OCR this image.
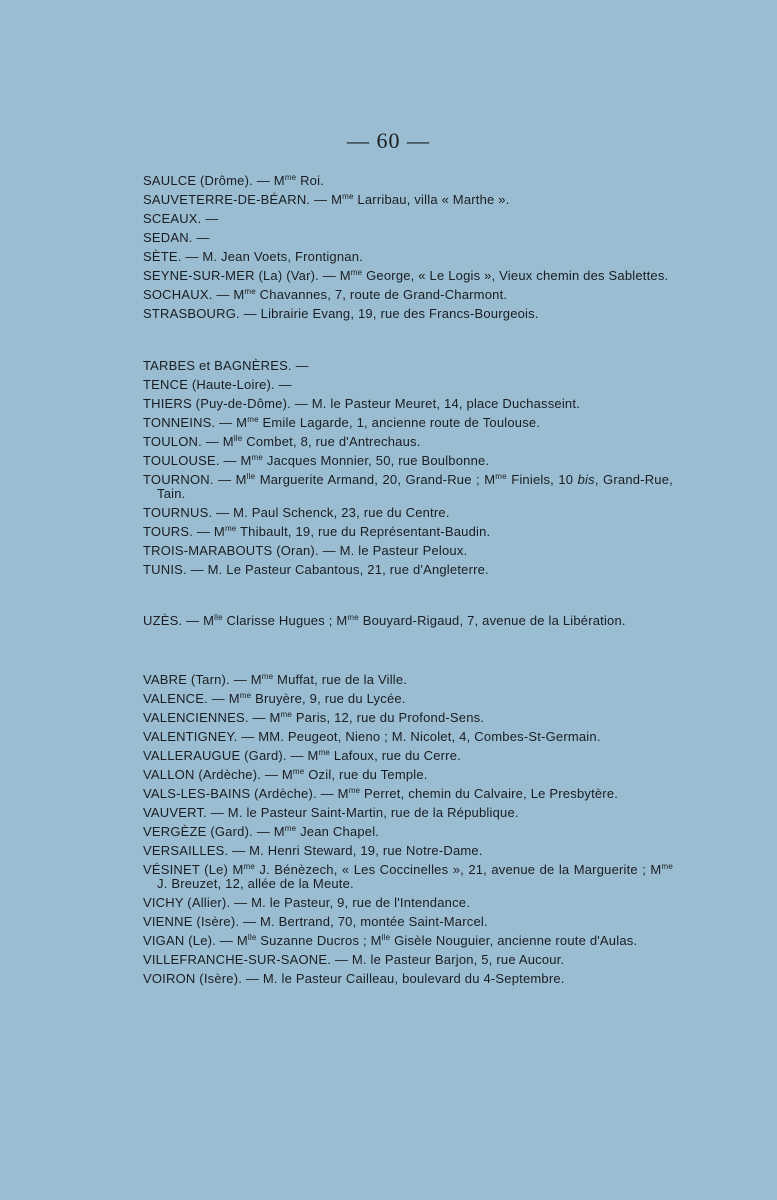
— 60 —
SAULCE (Drôme). — $M^{me}$ Roi.
SAUVETERRE-DE-BÉARN. — $M^{me}$ Larribau, villa « Marthe ».
SCEAUX. —
SEDAN. —
SÈTE. — M. Jean Voets, Frontignan.
SEYNE-SUR-MER (La) (Var). — $M^{me}$ George, « Le Logis », Vieux chemin des Sablettes.
SOCHAUX. — $M^{me}$ Chavannes, 7, route de Grand-Charmont.
STRASBOURG. — Librairie Evang, 19, rue des Francs-Bourgeois.
TARBES et BAGNÈRES. —
TENCE (Haute-Loire). —
THIERS (Puy-de-Dôme). — M. le Pasteur Meuret, 14, place Duchasseint.
TONNEINS. — $M^{me}$ Emile Lagarde, 1, ancienne route de Toulouse.
TOULON. — $M^{lle}$ Combet, 8, rue d'Antrechaus.
TOULOUSE. — $M^{me}$ Jacques Monnier, 50, rue Boulbonne.
TOURNON. — $M^{lle}$ Marguerite Armand, 20, Grand-Rue ; $M^{me}$ Finiels, 10 bis, Grand-Rue, Tain.
TOURNUS. — M. Paul Schenck, 23, rue du Centre.
TOURS. — $M^{me}$ Thibault, 19, rue du Représentant-Baudin.
TROIS-MARABOUTS (Oran). — M. le Pasteur Peloux.
TUNIS. — M. Le Pasteur Cabantous, 21, rue d'Angleterre.
UZÈS. — $M^{lle}$ Clarisse Hugues ; $M^{me}$ Bouyard-Rigaud, 7, avenue de la Libération.
VABRE (Tarn). — $M^{me}$ Muffat, rue de la Ville.
VALENCE. — $M^{me}$ Bruyère, 9, rue du Lycée.
VALENCIENNES. — $M^{me}$ Paris, 12, rue du Profond-Sens.
VALENTIGNEY. — MM. Peugeot, Nieno ; M. Nicolet, 4, Combes-St-Germain.
VALLERAUGUE (Gard). — $M^{me}$ Lafoux, rue du Cerre.
VALLON (Ardèche). — $M^{me}$ Ozil, rue du Temple.
VALS-LES-BAINS (Ardèche). — $M^{me}$ Perret, chemin du Calvaire, Le Presbytère.
VAUVERT. — M. le Pasteur Saint-Martin, rue de la République.
VERGÈZE (Gard). — $M^{me}$ Jean Chapel.
VERSAILLES. — M. Henri Steward, 19, rue Notre-Dame.
VÉSINET (Le) $M^{me}$ J. Bénèzech, « Les Coccinelles », 21, avenue de la Marguerite ; $M^{me}$ J. Breuzet, 12, allée de la Meute.
VICHY (Allier). — M. le Pasteur, 9, rue de l'Intendance.
VIENNE (Isère). — M. Bertrand, 70, montée Saint-Marcel.
VIGAN (Le). — $M^{lle}$ Suzanne Ducros ; $M^{lle}$ Gisèle Nouguier, ancienne route d'Aulas.
VILLEFRANCHE-SUR-SAONE. — M. le Pasteur Barjon, 5, rue Aucour.
VOIRON (Isère). — M. le Pasteur Cailleau, boulevard du 4-Septembre.
